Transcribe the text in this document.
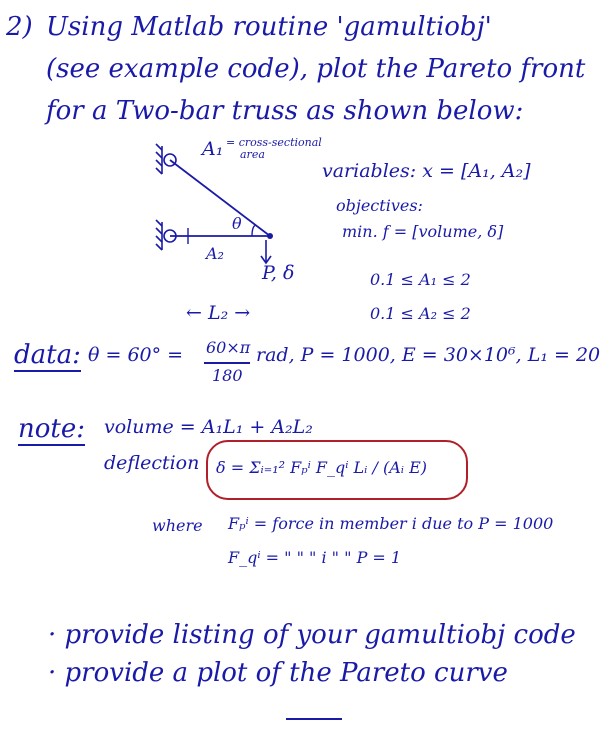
2) Using Matlab routine 'gamultiobj'
(see example code), plot the Pareto front
for a Two-bar truss as shown below:
A₁ = cross-sectional
area
θ
A₂
P, δ
← L₂ →
variables: x = [A₁, A₂]
objectives:
min. f = [volume, δ]
0.1 ≤ A₁ ≤ 2
0.1 ≤ A₂ ≤ 2
data: θ = 60° = 60×π
180
rad, P = 1000, E = 30×10⁶, L₁ = 20
note: volume = A₁L₁ + A₂L₂
deflection δ = Σᵢ₌₁² Fₚⁱ F_qⁱ Lᵢ / (Aᵢ E)
where Fₚⁱ = force in member i due to P = 1000
F_qⁱ = " " " i " " P = 1
· provide listing of your gamultiobj code
· provide a plot of the Pareto curve
